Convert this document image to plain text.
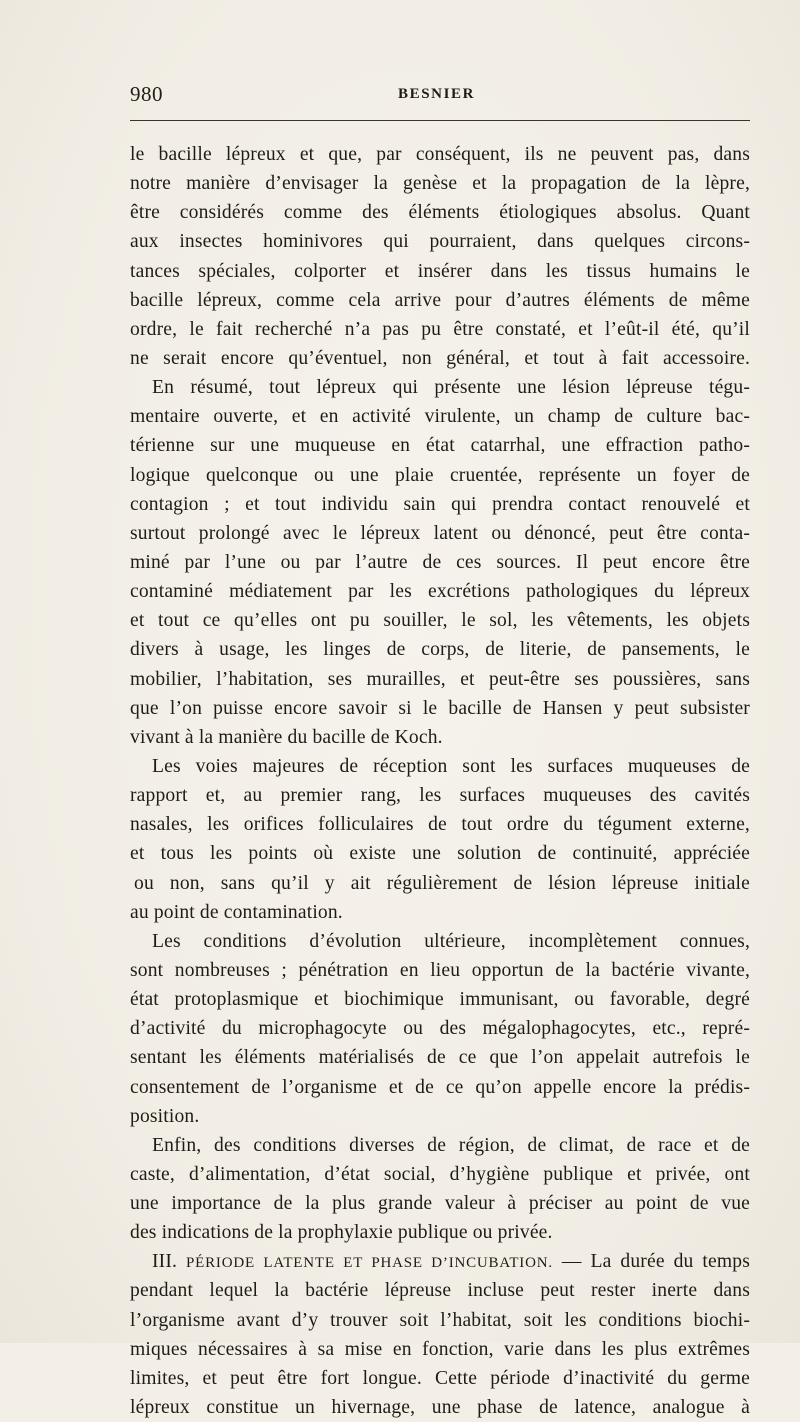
980	BESNIER
le bacille lépreux et que, par conséquent, ils ne peuvent pas, dans
notre manière d’envisager la genèse et la propagation de la lèpre,
être considérés comme des éléments étiologiques absolus. Quant
aux insectes hominivores qui pourraient, dans quelques circons-
tances spéciales, colporter et insérer dans les tissus humains le
bacille lépreux, comme cela arrive pour d’autres éléments de même
ordre, le fait recherché n’a pas pu être constaté, et l’eût-il été, qu’il
ne serait encore qu’éventuel, non général, et tout à fait accessoire.
En résumé, tout lépreux qui présente une lésion lépreuse tégu-
mentaire ouverte, et en activité virulente, un champ de culture bac-
térienne sur une muqueuse en état catarrhal, une effraction patho-
logique quelconque ou une plaie cruentée, représente un foyer de
contagion ; et tout individu sain qui prendra contact renouvelé et
surtout prolongé avec le lépreux latent ou dénoncé, peut être conta-
miné par l’une ou par l’autre de ces sources. Il peut encore être
contaminé médiatement par les excrétions pathologiques du lépreux
et tout ce qu’elles ont pu souiller, le sol, les vêtements, les objets
divers à usage, les linges de corps, de literie, de pansements, le
mobilier, l’habitation, ses murailles, et peut-être ses poussières, sans
que l’on puisse encore savoir si le bacille de Hansen y peut subsister
vivant à la manière du bacille de Koch.
Les voies majeures de réception sont les surfaces muqueuses de
rapport et, au premier rang, les surfaces muqueuses des cavités
nasales, les orifices folliculaires de tout ordre du tégument externe,
et tous les points où existe une solution de continuité, appréciée
ou non, sans qu’il y ait régulièrement de lésion lépreuse initiale
au point de contamination.
Les conditions d’évolution ultérieure, incomplètement connues,
sont nombreuses ; pénétration en lieu opportun de la bactérie vivante,
état protoplasmique et biochimique immunisant, ou favorable, degré
d’activité du microphagocyte ou des mégalophagocytes, etc., repré-
sentant les éléments matérialisés de ce que l’on appelait autrefois le
consentement de l’organisme et de ce qu’on appelle encore la prédis-
position.
Enfin, des conditions diverses de région, de climat, de race et de
caste, d’alimentation, d’état social, d’hygiène publique et privée, ont
une importance de la plus grande valeur à préciser au point de vue
des indications de la prophylaxie publique ou privée.
III. PÉRIODE LATENTE ET PHASE D’INCUBATION. — La durée du temps
pendant lequel la bactérie lépreuse incluse peut rester inerte dans
l’organisme avant d’y trouver soit l’habitat, soit les conditions biochi-
miques nécessaires à sa mise en fonction, varie dans les plus extrêmes
limites, et peut être fort longue. Cette période d’inactivité du germe
lépreux constitue un hivernage, une phase de latence, analogue à
